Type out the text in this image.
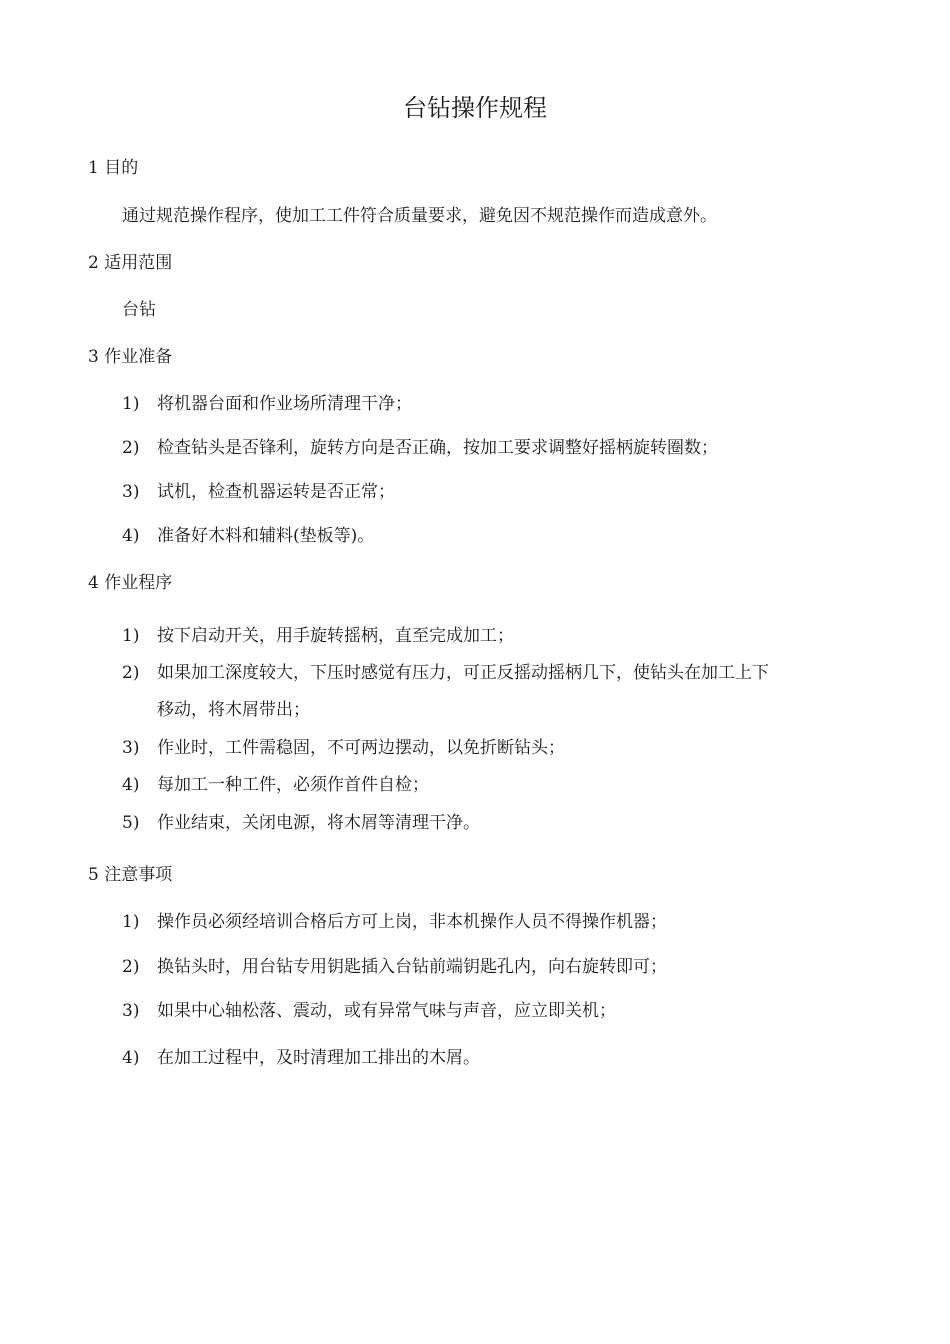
台钻操作规程
1 目的
通过规范操作程序，使加工工件符合质量要求，避免因不规范操作而造成意外。
2 适用范围
台钻
3 作业准备
1) 将机器台面和作业场所清理干净；
2) 检查钻头是否锋利，旋转方向是否正确，按加工要求调整好摇柄旋转圈数；
3) 试机，检查机器运转是否正常；
4) 准备好木料和辅料(垫板等)。
4 作业程序
1) 按下启动开关，用手旋转摇柄，直至完成加工；
2) 如果加工深度较大，下压时感觉有压力，可正反摇动摇柄几下，使钻头在加工上下
移动，将木屑带出；
3) 作业时，工件需稳固，不可两边摆动，以免折断钻头；
4) 每加工一种工件，必须作首件自检；
5) 作业结束，关闭电源，将木屑等清理干净。
5 注意事项
1) 操作员必须经培训合格后方可上岗，非本机操作人员不得操作机器；
2) 换钻头时，用台钻专用钥匙插入台钻前端钥匙孔内，向右旋转即可；
3) 如果中心轴松落、震动，或有异常气味与声音，应立即关机；
4) 在加工过程中，及时清理加工排出的木屑。
